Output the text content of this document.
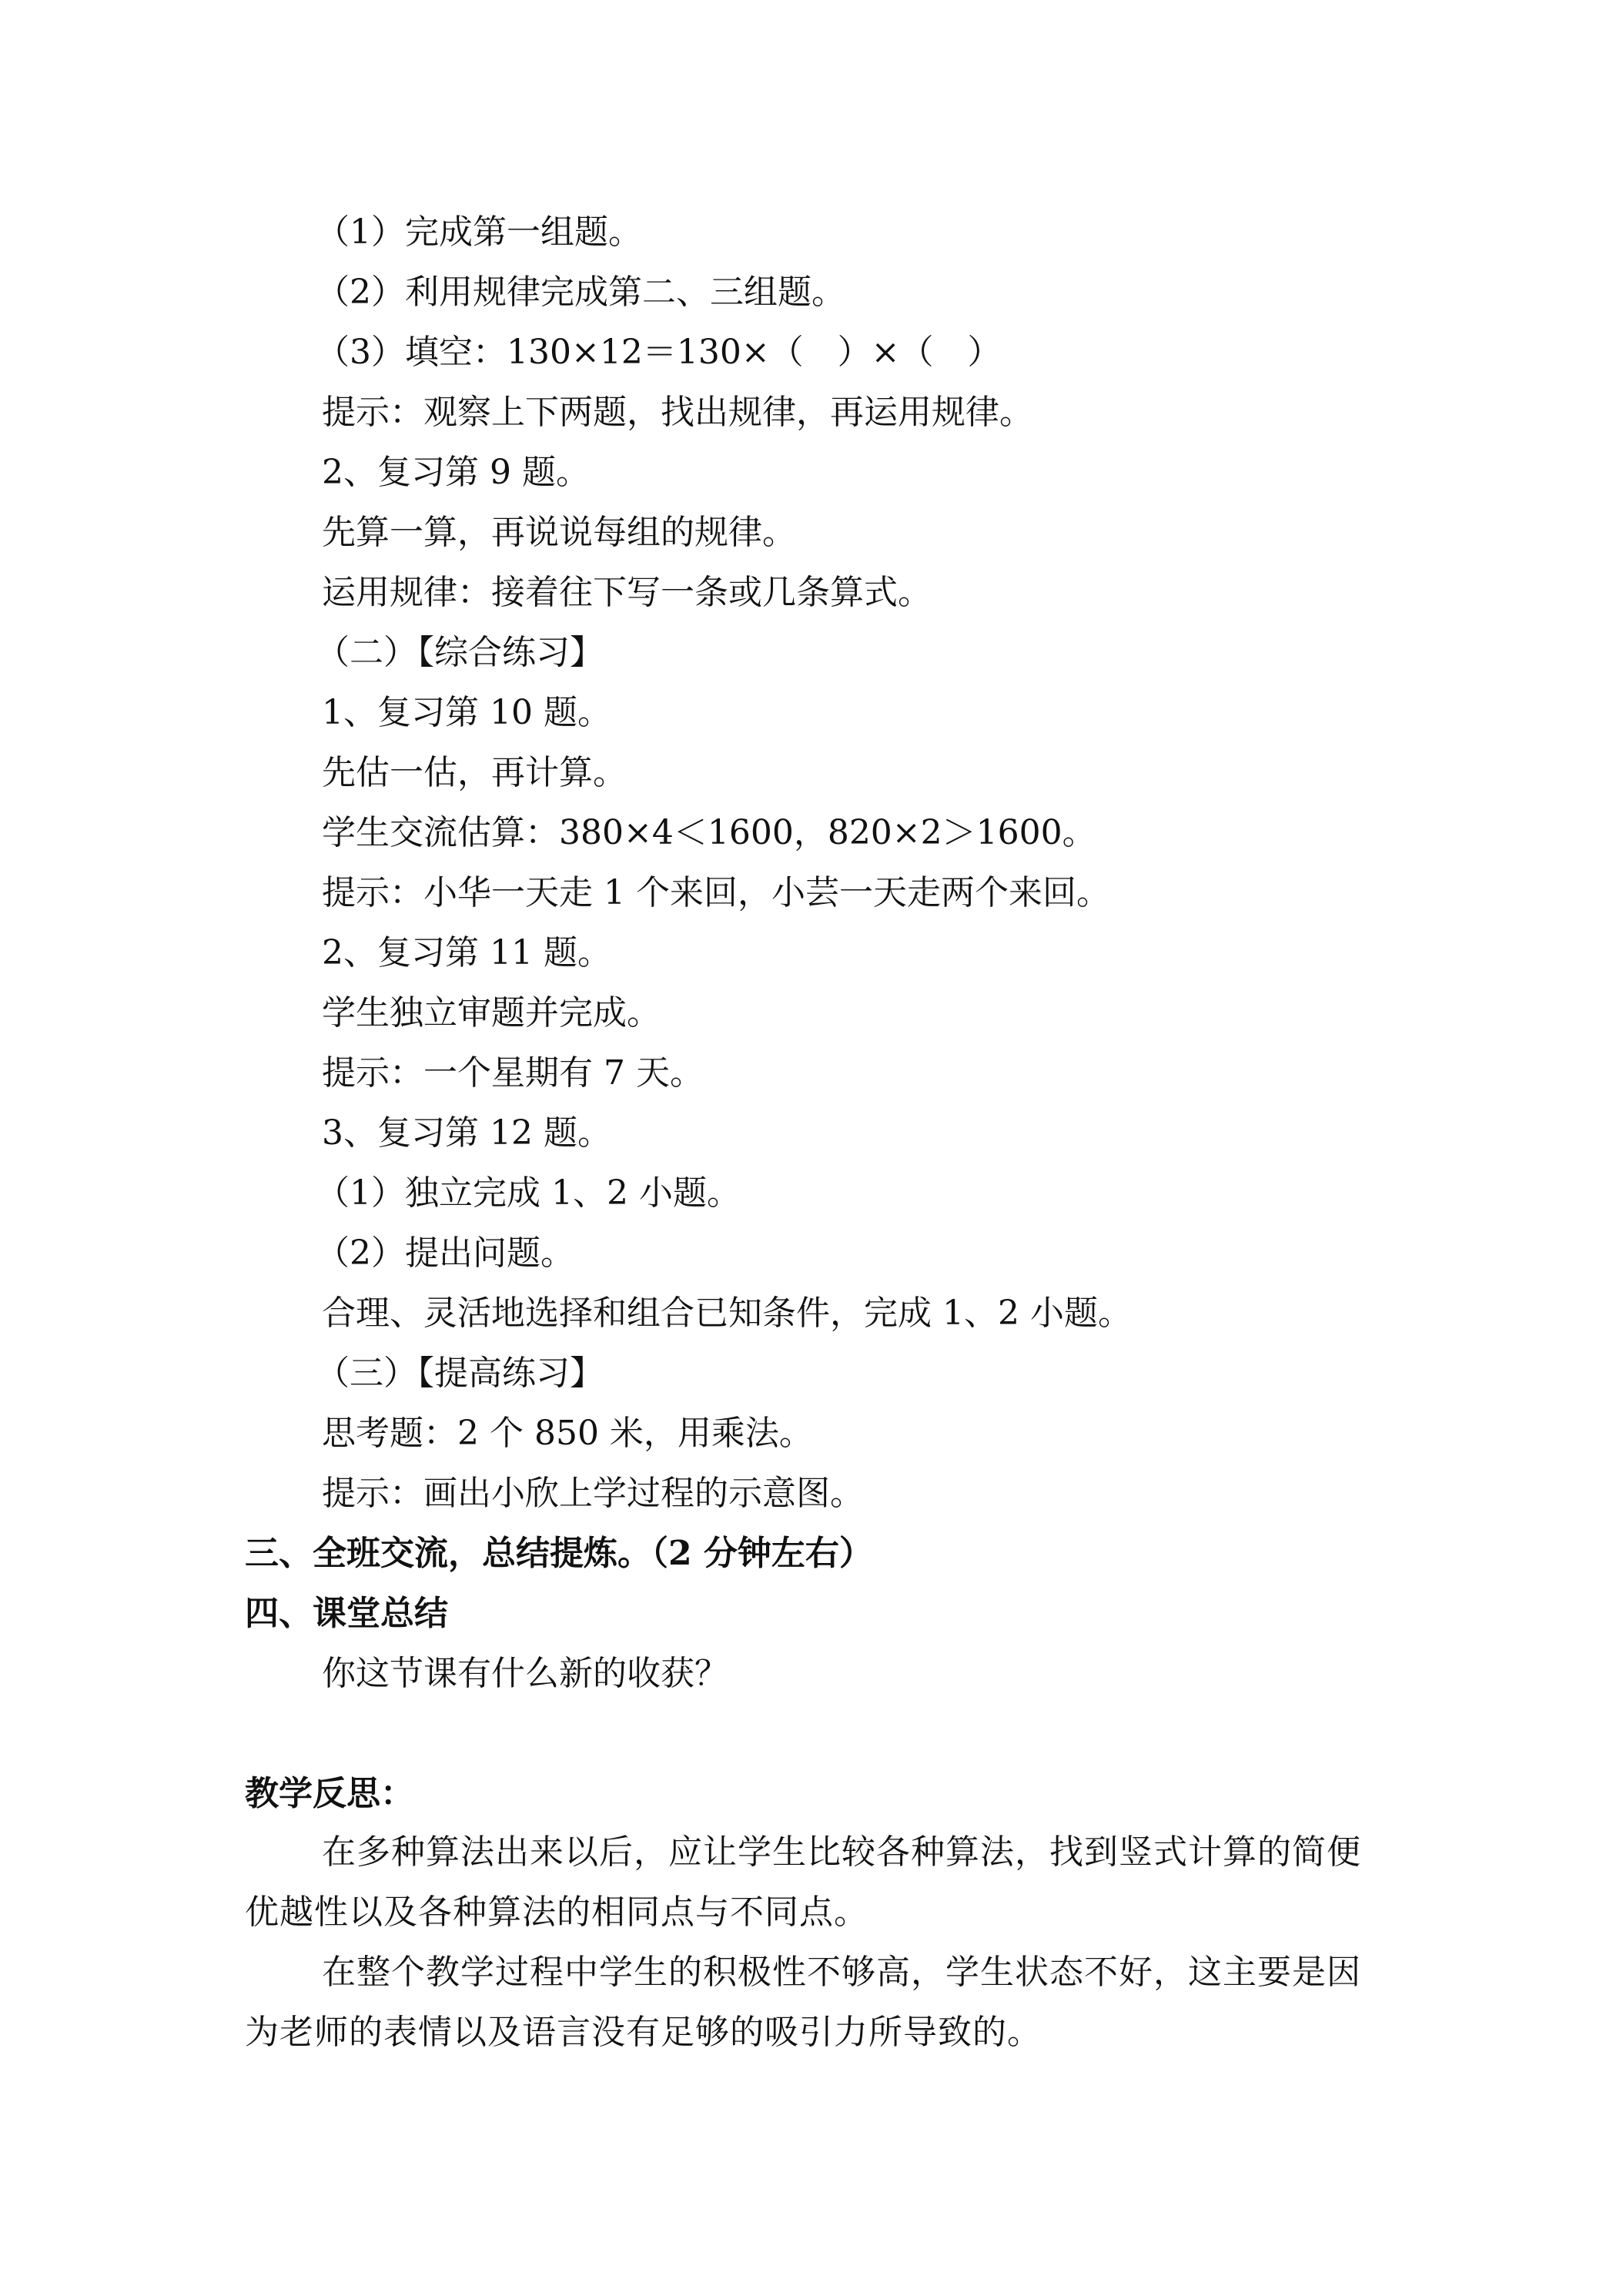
（1）完成第一组题。
（2）利用规律完成第二、三组题。
（3）填空：130×12＝130×（　）×（　）
提示：观察上下两题，找出规律，再运用规律。
2、复习第 9 题。
先算一算，再说说每组的规律。
运用规律：接着往下写一条或几条算式。
（二）【综合练习】
1、复习第 10 题。
先估一估，再计算。
学生交流估算：380×4＜1600，820×2＞1600。
提示：小华一天走 1 个来回，小芸一天走两个来回。
2、复习第 11 题。
学生独立审题并完成。
提示：一个星期有 7 天。
3、复习第 12 题。
（1）独立完成 1、2 小题。
（2）提出问题。
合理、灵活地选择和组合已知条件，完成 1、2 小题。
（三）【提高练习】
思考题：2 个 850 米，用乘法。
提示：画出小欣上学过程的示意图。
三、全班交流，总结提炼。（2 分钟左右）
四、课堂总结
你这节课有什么新的收获？
教学反思：
在多种算法出来以后，应让学生比较各种算法，找到竖式计算的简便优越性以及各种算法的相同点与不同点。
在整个教学过程中学生的积极性不够高，学生状态不好，这主要是因为老师的表情以及语言没有足够的吸引力所导致的。
